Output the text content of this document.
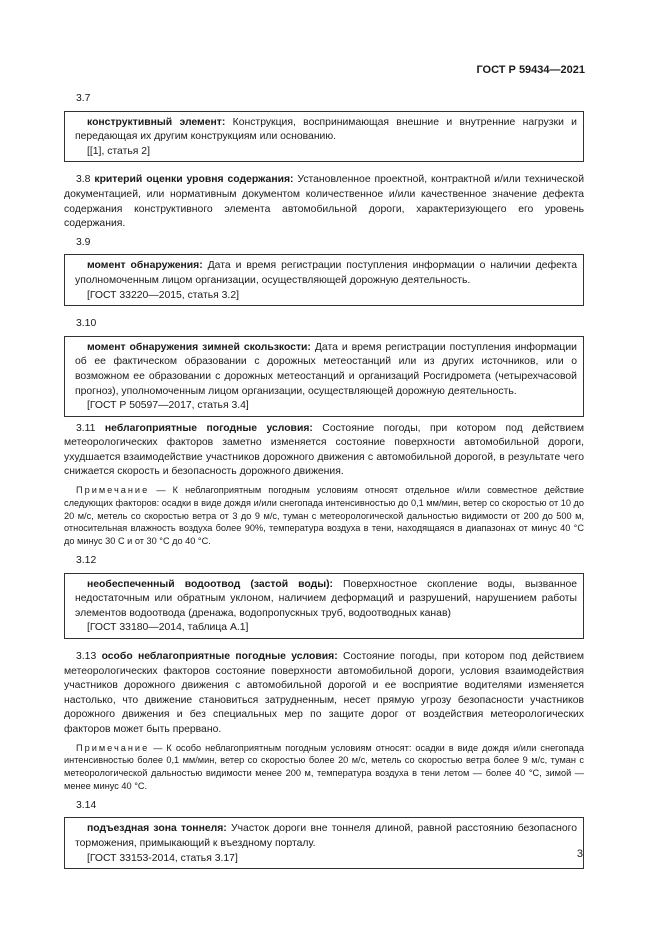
ГОСТ Р 59434—2021

3.7

конструктивный элемент: Конструкция, воспринимающая внешние и внутренние нагрузки и передающая их другим конструкциям или основанию.

[[1], статья 2]

3.8 критерий оценки уровня содержания: Установленное проектной, контрактной и/или технической документацией, или нормативным документом количественное и/или качественное значение дефекта содержания конструктивного элемента автомобильной дороги, характеризующего его уровень содержания.

3.9

момент обнаружения: Дата и время регистрации поступления информации о наличии дефекта уполномоченным лицом организации, осуществляющей дорожную деятельность.

[ГОСТ 33220—2015, статья 3.2]

3.10

момент обнаружения зимней скользкости: Дата и время регистрации поступления информации об ее фактическом образовании с дорожных метеостанций или из других источников, или о возможном ее образовании с дорожных метеостанций и организаций Росгидромета (четырехчасовой прогноз), уполномоченным лицом организации, осуществляющей дорожную деятельность.

[ГОСТ Р 50597—2017, статья 3.4]

3.11 неблагоприятные погодные условия: Состояние погоды, при котором под действием метеорологических факторов заметно изменяется состояние поверхности автомобильной дороги, ухудшается взаимодействие участников дорожного движения с автомобильной дорогой, в результате чего снижается скорость и безопасность дорожного движения.

Примечание — К неблагоприятным погодным условиям относят отдельное и/или совместное действие следующих факторов: осадки в виде дождя и/или снегопада интенсивностью до 0,1 мм/мин, ветер со скоростью от 10 до 20 м/с, метель со скоростью ветра от 3 до 9 м/с, туман с метеорологической дальностью видимости от 200 до 500 м, относительная влажность воздуха более 90%, температура воздуха в тени, находящаяся в диапазонах от минус 40 °С до минус 30 С и от 30 °С до 40 °С.

3.12

необеспеченный водоотвод (застой воды): Поверхностное скопление воды, вызванное недостаточным или обратным уклоном, наличием деформаций и разрушений, нарушением работы элементов водоотвода (дренажа, водопропускных труб, водоотводных канав)

[ГОСТ 33180—2014, таблица А.1]

3.13 особо неблагоприятные погодные условия: Состояние погоды, при котором под действием метеорологических факторов состояние поверхности автомобильной дороги, условия взаимодействия участников дорожного движения с автомобильной дорогой и ее восприятие водителями изменяется настолько, что движение становиться затрудненным, несет прямую угрозу безопасности участников дорожного движения и без специальных мер по защите дорог от воздействия метеорологических факторов может быть прервано.

Примечание — К особо неблагоприятным погодным условиям относят: осадки в виде дождя и/или снегопада интенсивностью более 0,1 мм/мин, ветер со скоростью более 20 м/с, метель со скоростью ветра более 9 м/с, туман с метеорологической дальностью видимости менее 200 м, температура воздуха в тени летом — более 40 °С, зимой — менее минус 40 °С.

3.14

подъездная зона тоннеля: Участок дороги вне тоннеля длиной, равной расстоянию безопасного торможения, примыкающий к въездному порталу.

[ГОСТ 33153-2014, статья 3.17]	3
